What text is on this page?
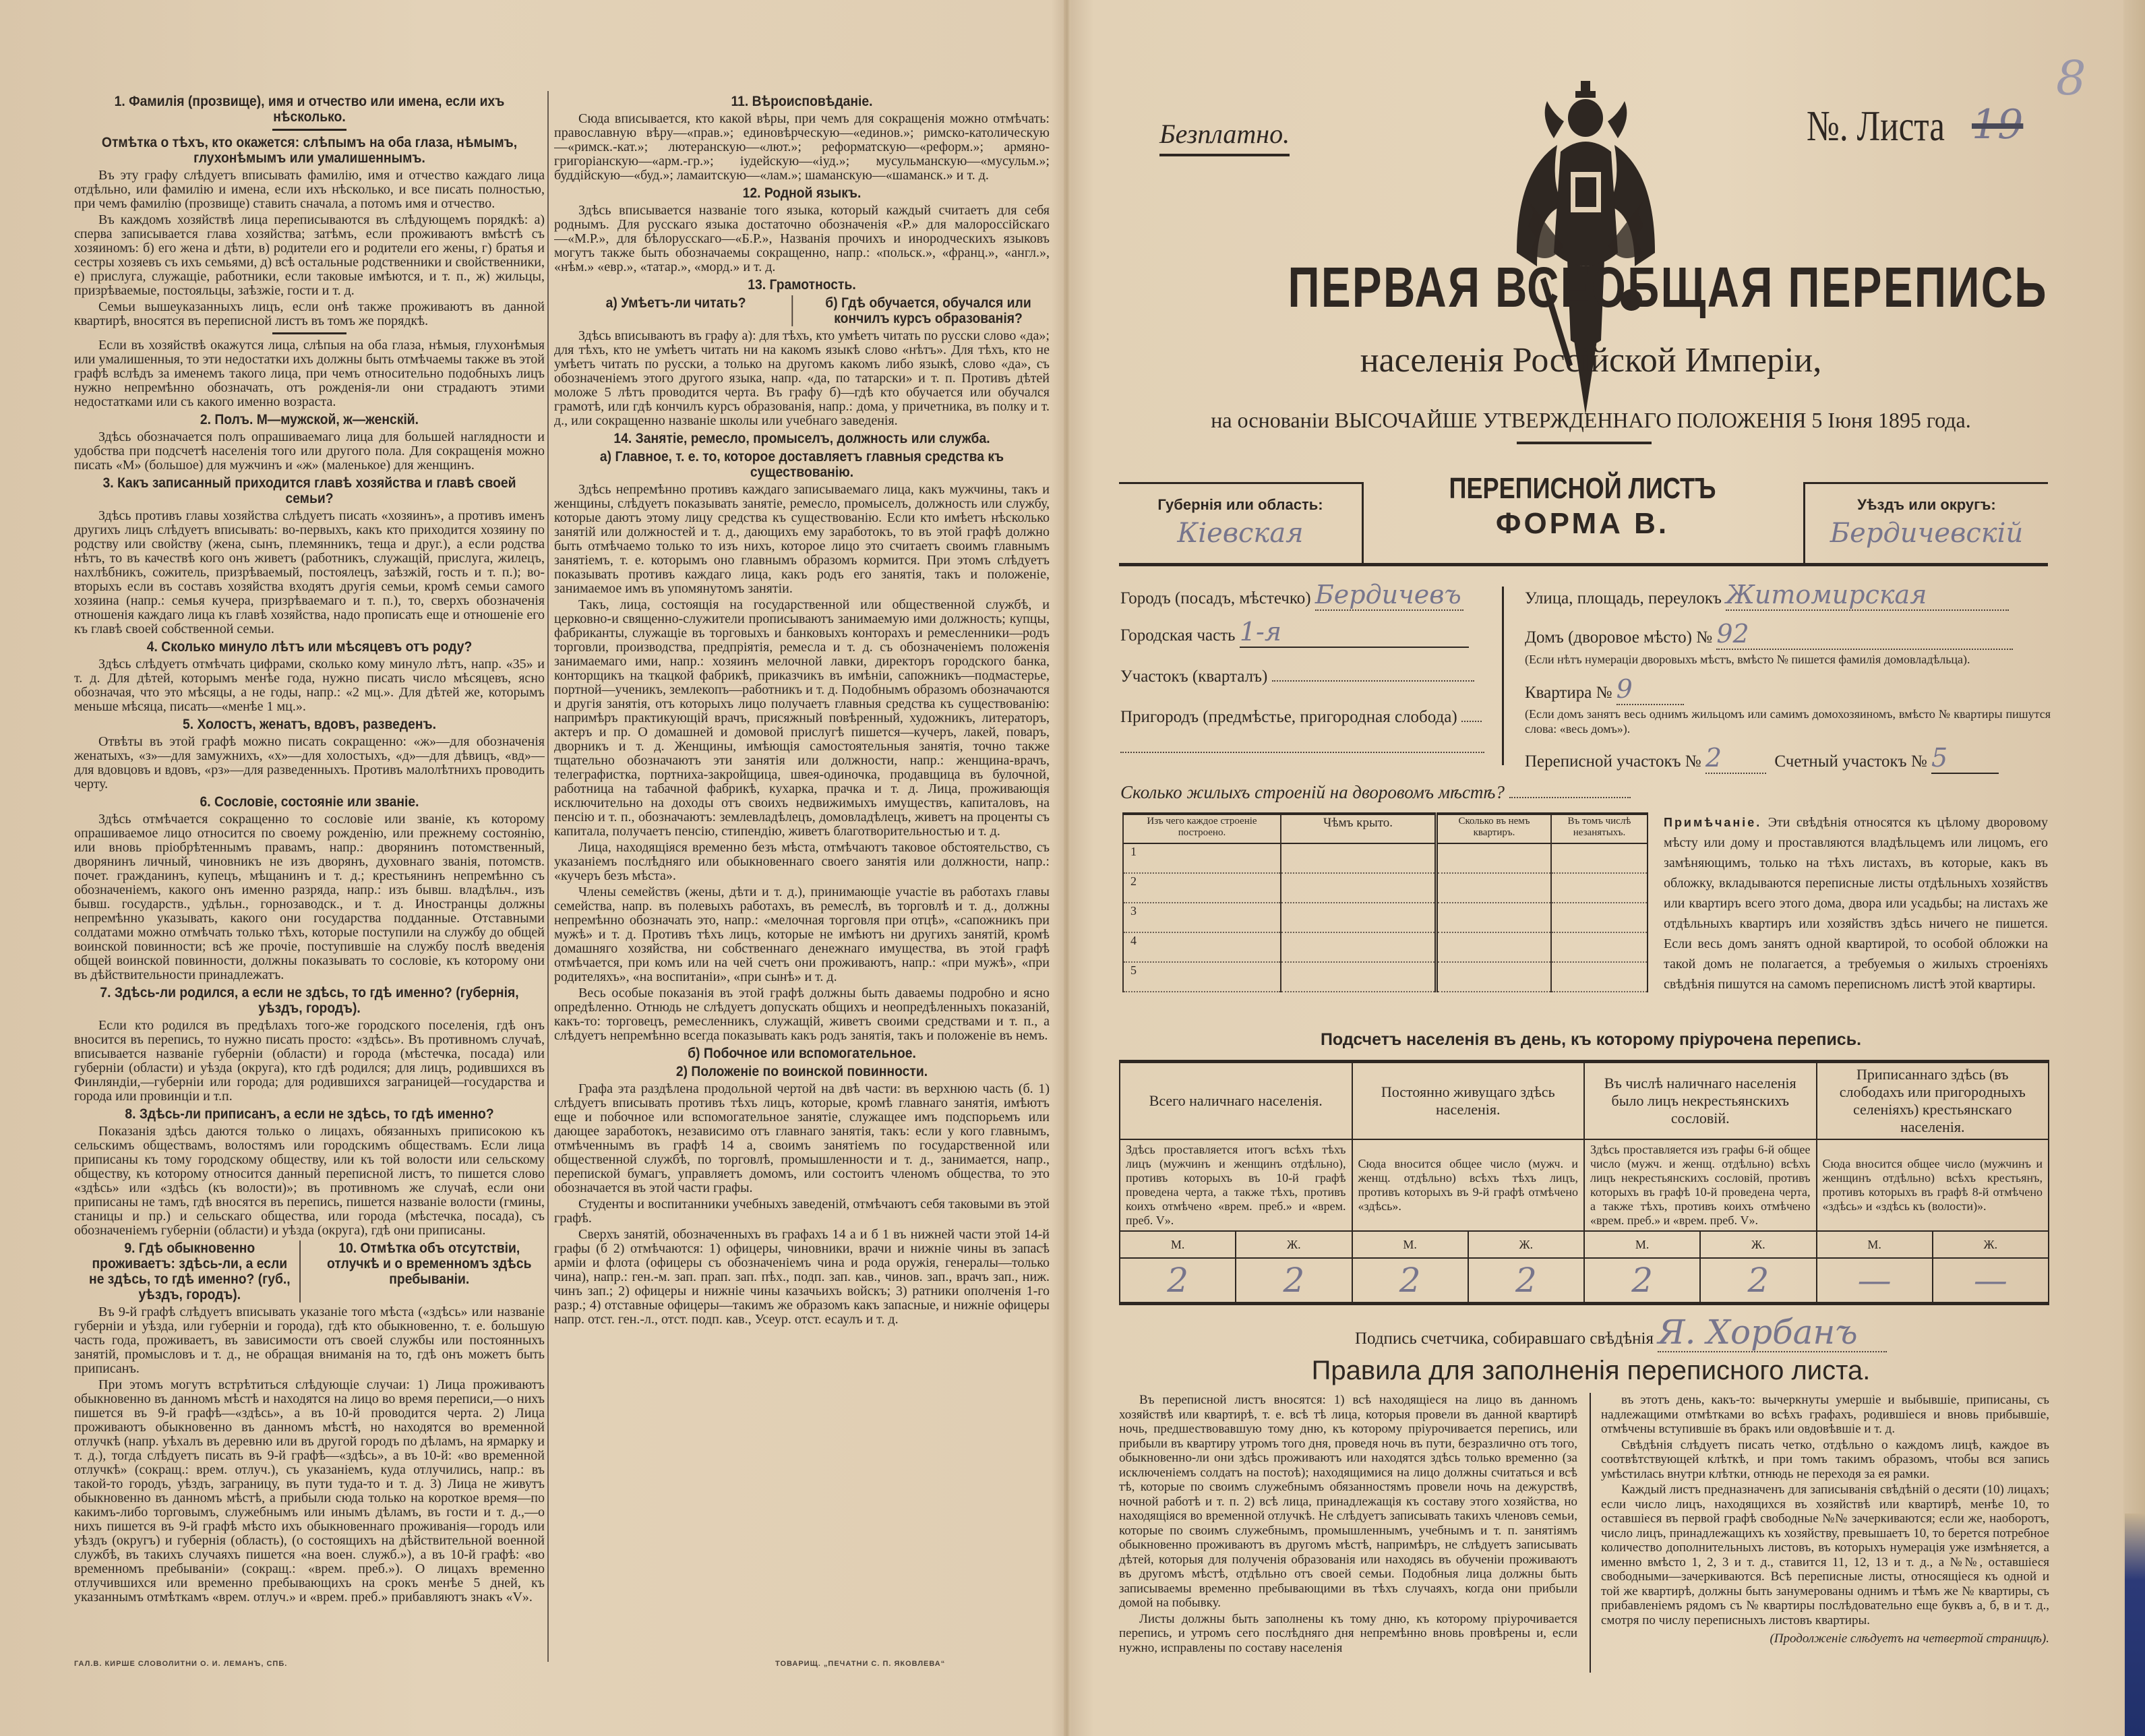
1. Фамилія (прозвище), имя и отчество или имена, если ихъ нѣсколько.
Отмѣтка о тѣхъ, кто окажется: слѣпымъ на оба глаза, нѣмымъ, глухонѣмымъ или умалишеннымъ.

Въ эту графу слѣдуетъ вписывать фамилію, имя и отчество каждаго лица отдѣльно, или фамилію и имена, если ихъ нѣсколько, и все писать полностью, при чемъ фамилію (прозвище) ставить сначала, а потомъ имя и отчество.

Въ каждомъ хозяйствѣ лица переписываются въ слѣдующемъ порядкѣ: а) сперва записывается глава хозяйства; затѣмъ, если проживаютъ вмѣстѣ съ хозяиномъ: б) его жена и дѣти, в) родители его и родители его жены, г) братья и сестры хозяевъ съ ихъ семьями, д) всѣ остальные родственники и свойственники, е) прислуга, служащіе, работники, если таковые имѣются, и т. п., ж) жильцы, призрѣваемые, постояльцы, заѣзжіе, гости и т. д.

Семьи вышеуказанныхъ лицъ, если онѣ также проживаютъ въ данной квартирѣ, вносятся въ переписной листъ въ томъ же порядкѣ.

Если въ хозяйствѣ окажутся лица, слѣпыя на оба глаза, нѣмыя, глухонѣмыя или умалишенныя, то эти недостатки ихъ должны быть отмѣчаемы также въ этой графѣ вслѣдъ за именемъ такого лица, при чемъ относительно подобныхъ лицъ нужно непремѣнно обозначать, отъ рожденія-ли они страдаютъ этими недостатками или съ какого именно возраста.

2. Полъ. М—мужской, ж—женскій.

Здѣсь обозначается полъ опрашиваемаго лица для большей наглядности и удобства при подсчетѣ населенія того или другого пола. Для сокращенія можно писать «М» (большое) для мужчинъ и «ж» (маленькое) для женщинъ.

3. Какъ записанный приходится главѣ хозяйства и главѣ своей семьи?

Здѣсь противъ главы хозяйства слѣдуетъ писать «хозяинъ», а противъ именъ другихъ лицъ слѣдуетъ вписывать: во-первыхъ, какъ кто приходится хозяину по родству или свойству (жена, сынъ, племянникъ, теща и друг.), а если родства нѣтъ, то въ качествѣ кого онъ живетъ (работникъ, служащій, прислуга, жилецъ, нахлѣбникъ, сожитель, призрѣваемый, постоялецъ, заѣзжій, гость и т. п.); во-вторыхъ если въ составъ хозяйства входятъ другія семьи, кромѣ семьи самого хозяина (напр.: семья кучера, призрѣваемаго и т. п.), то, сверхъ обозначенія отношенія каждаго лица къ главѣ хозяйства, надо прописать еще и отношеніе его къ главѣ своей собственной семьи.

4. Сколько минуло лѣтъ или мѣсяцевъ отъ роду?

Здѣсь слѣдуетъ отмѣчать цифрами, сколько кому минуло лѣтъ, напр. «35» и т. д. Для дѣтей, которымъ менѣе года, нужно писать число мѣсяцевъ, ясно обозначая, что это мѣсяцы, а не годы, напр.: «2 мц.». Для дѣтей же, которымъ меньше мѣсяца, писать—«менѣе 1 мц.».

5. Холостъ, женатъ, вдовъ, разведенъ.

Отвѣты въ этой графѣ можно писать сокращенно: «ж»—для обозначенія женатыхъ, «з»—для замужнихъ, «х»—для холостыхъ, «д»—для дѣвицъ, «вд»—для вдовцовъ и вдовъ, «рз»—для разведенныхъ. Противъ малолѣтнихъ проводить черту.

6. Сословіе, состояніе или званіе.

Здѣсь отмѣчается сокращенно то сословіе или званіе, къ которому опрашиваемое лицо относится по своему рожденію, или прежнему состоянію, или вновь пріобрѣтеннымъ правамъ, напр.: дворянинъ потомственный, дворянинъ личный, чиновникъ не изъ дворянъ, духовнаго званія, потомств. почет. гражданинъ, купецъ, мѣщанинъ и т. д.; крестьянинъ непремѣнно съ обозначеніемъ, какого онъ именно разряда, напр.: изъ бывш. владѣльч., изъ бывш. государств., удѣльн., горнозаводск., и т. д. Иностранцы должны непремѣнно указывать, какого они государства подданные. Отставными солдатами можно отмѣчать только тѣхъ, которые поступили на службу до общей воинской повинности; всѣ же прочіе, поступившіе на службу послѣ введенія общей воинской повинности, должны показывать то сословіе, къ которому они въ дѣйствительности принадлежатъ.

7. Здѣсь-ли родился, а если не здѣсь, то гдѣ именно? (губернія, уѣздъ, городъ).

Если кто родился въ предѣлахъ того-же городского поселенія, гдѣ онъ вносится въ перепись, то нужно писать просто: «здѣсь». Въ противномъ случаѣ, вписывается названіе губерніи (области) и города (мѣстечка, посада) или губерніи (области) и уѣзда (округа), кто гдѣ родился; для лицъ, родившихся въ Финляндіи,—губерніи или города; для родившихся заграницей—государства и города или провинціи и т.п.

8. Здѣсь-ли приписанъ, а если не здѣсь, то гдѣ именно?

Показанія здѣсь даются только о лицахъ, обязанныхъ приписокою къ сельскимъ обществамъ, волостямъ или городскимъ обществамъ. Если лица приписаны къ тому городскому обществу, или къ той волости или сельскому обществу, къ которому относится данный переписной листъ, то пишется слово «здѣсь» или «здѣсь (къ волости)»; въ противномъ же случаѣ, если они приписаны не тамъ, гдѣ вносятся въ перепись, пишется названіе волости (гмины, станицы и пр.) и сельскаго общества, или города (мѣстечка, посада), съ обозначеніемъ губерніи (области) и уѣзда (округа), гдѣ они приписаны.

9. Гдѣ обыкновенно проживаетъ: здѣсь-ли, а если не здѣсь, то гдѣ именно? (губ., уѣздъ, городъ).
10. Отмѣтка объ отсутствіи, отлучкѣ и о временномъ здѣсь пребываніи.

Въ 9-й графѣ слѣдуетъ вписывать указаніе того мѣста («здѣсь» или названіе губерніи и уѣзда, или губерніи и города), гдѣ кто обыкновенно, т. е. большую часть года, проживаетъ, въ зависимости отъ своей службы или постоянныхъ занятій, промысловъ и т. д., не обращая вниманія на то, гдѣ онъ можетъ быть приписанъ.

При этомъ могутъ встрѣтиться слѣдующіе случаи: 1) Лица проживаютъ обыкновенно въ данномъ мѣстѣ и находятся на лицо во время переписи,—о нихъ пишется въ 9-й графѣ—«здѣсь», а въ 10-й проводится черта. 2) Лица проживаютъ обыкновенно въ данномъ мѣстѣ, но находятся во временной отлучкѣ (напр. уѣхалъ въ деревню или въ другой городъ по дѣламъ, на ярмарку и т. д.), тогда слѣдуетъ писать въ 9-й графѣ—«здѣсь», а въ 10-й: «во временной отлучкѣ» (сокращ.: врем. отлуч.), съ указаніемъ, куда отлучились, напр.: въ такой-то городъ, уѣздъ, заграницу, въ пути туда-то и т. д. 3) Лица не живутъ обыкновенно въ данномъ мѣстѣ, а прибыли сюда только на короткое время—по какимъ-либо торговымъ, служебнымъ или инымъ дѣламъ, въ гости и т. д.,—о нихъ пишется въ 9-й графѣ мѣсто ихъ обыкновеннаго проживанія—городъ или уѣздъ (округъ) и губернія (область), (о состоящихъ на дѣйствительной военной службѣ, въ такихъ случаяхъ пишется «на воен. служб.»), а въ 10-й графѣ: «во временномъ пребываніи» (сокращ.: «врем. преб.»). О лицахъ временно отлучившихся или временно пребывающихъ на срокъ менѣе 5 дней, къ указаннымъ отмѣткамъ «врем. отлуч.» и «врем. преб.» прибавляютъ знакъ «V».

11. Вѣроисповѣданіе.

Сюда вписывается, кто какой вѣры, при чемъ для сокращенія можно отмѣчать: православную вѣру—«прав.»; единовѣрческую—«единов.»; римско-католическую—«римск.-кат.»; лютеранскую—«лют.»; реформатскую—«реформ.»; армяно-григоріанскую—«арм.-гр.»; іудейскую—«іуд.»; мусульманскую—«мусульм.»; буддійскую—«буд.»; ламаитскую—«лам.»; шаманскую—«шаманск.» и т. д.

12. Родной языкъ.

Здѣсь вписывается названіе того языка, который каждый считаетъ для себя роднымъ. Для русскаго языка достаточно обозначенія «Р.» для малороссійскаго—«М.Р.», для бѣлорусскаго—«Б.Р.», Названія прочихъ и инородческихъ языковъ могутъ также быть обозначаемы сокращенно, напр.: «польск.», «франц.», «англ.», «нѣм.» «евр.», «татар.», «морд.» и т. д.

13. Грамотность.
а) Умѣетъ-ли читать?	б) Гдѣ обучается, обучался или кончилъ курсъ образованія?

Здѣсь вписываютъ въ графу а): для тѣхъ, кто умѣетъ читать по русски слово «да»; для тѣхъ, кто не умѣетъ читать ни на какомъ языкѣ слово «нѣтъ». Для тѣхъ, кто не умѣетъ читать по русски, а только на другомъ какомъ либо языкѣ, слово «да», съ обозначеніемъ этого другого языка, напр. «да, по татарски» и т. п. Противъ дѣтей моложе 5 лѣтъ проводится черта. Въ графу б)—гдѣ кто обучается или обучался грамотѣ, или гдѣ кончилъ курсъ образованія, напр.: дома, у причетника, въ полку и т. д., или сокращенно названіе школы или учебнаго заведенія.

14. Занятіе, ремесло, промыселъ, должность или служба.
а) Главное, т. е. то, которое доставляетъ главныя средства къ существованію.

Здѣсь непремѣнно противъ каждаго записываемаго лица, какъ мужчины, такъ и женщины, слѣдуетъ показывать занятіе, ремесло, промыселъ, должность или службу, которые даютъ этому лицу средства къ существованію. Если кто имѣетъ нѣсколько занятій или должностей и т. д., дающихъ ему заработокъ, то въ этой графѣ должно быть отмѣчаемо только то изъ нихъ, которое лицо это считаетъ своимъ главнымъ занятіемъ, т. е. которымъ оно главнымъ образомъ кормится. При этомъ слѣдуетъ показывать противъ каждаго лица, какъ родъ его занятія, такъ и положеніе, занимаемое имъ въ упомянутомъ занятіи.

Такъ, лица, состоящія на государственной или общественной службѣ, и церковно-и священно-служители прописываютъ занимаемую ими должность; купцы, фабриканты, служащіе въ торговыхъ и банковыхъ конторахъ и ремесленники—родъ торговли, производства, предпріятія, ремесла и т. д. съ обозначеніемъ положенія занимаемаго ими, напр.: хозяинъ мелочной лавки, директоръ городского банка, конторщикъ на ткацкой фабрикѣ, приказчикъ въ имѣніи, сапожникъ—подмастерье, портной—ученикъ, землекопъ—работникъ и т. д. Подобнымъ образомъ обозначаются и другія занятія, отъ которыхъ лицо получаетъ главныя средства къ существованію: напримѣръ практикующій врачъ, присяжный повѣренный, художникъ, литераторъ, актеръ и пр. О домашней и домовой прислугѣ пишется—кучеръ, лакей, поваръ, дворникъ и т. д. Женщины, имѣющія самостоятельныя занятія, точно также тщательно обозначаютъ эти занятія или должности, напр.: женщина-врачъ, телеграфистка, портниха-закройщица, швея-одиночка, продавщица въ булочной, работница на табачной фабрикѣ, кухарка, прачка и т. д. Лица, проживающія исключительно на доходы отъ своихъ недвижимыхъ имуществъ, капиталовъ, на пенсію и т. п., обозначаютъ: землевладѣлецъ, домовладѣлецъ, живетъ на проценты съ капитала, получаетъ пенсію, стипендію, живетъ благотворительностью и т. д.

Лица, находящіяся временно безъ мѣста, отмѣчаютъ таковое обстоятельство, съ указаніемъ послѣдняго или обыкновеннаго своего занятія или должности, напр.: «кучеръ безъ мѣста».

Члены семействъ (жены, дѣти и т. д.), принимающіе участіе въ работахъ главы семейства, напр. въ полевыхъ работахъ, въ ремеслѣ, въ торговлѣ и т. д., должны непремѣнно обозначать это, напр.: «мелочная торговля при отцѣ», «сапожникъ при мужѣ» и т. д. Противъ тѣхъ лицъ, которые не имѣютъ ни другихъ занятій, кромѣ домашняго хозяйства, ни собственнаго денежнаго имущества, въ этой графѣ отмѣчается, при комъ или на чей счетъ они проживаютъ, напр.: «при мужѣ», «при родителяхъ», «на воспитаніи», «при сынѣ» и т. д.

Весь особые показанія въ этой графѣ должны быть даваемы подробно и ясно опредѣленно. Отнюдь не слѣдуетъ допускать общихъ и неопредѣленныхъ показаній, какъ-то: торговецъ, ремесленникъ, служащій, живетъ своими средствами и т. п., а слѣдуетъ непремѣнно всегда показывать какъ родъ занятія, такъ и положеніе въ немъ.

б) Побочное или вспомогательное.
2) Положеніе по воинской повинности.

Графа эта раздѣлена продольной чертой на двѣ части: въ верхнюю часть (б. 1) слѣдуетъ вписывать противъ тѣхъ лицъ, которые, кромѣ главнаго занятія, имѣютъ еще и побочное или вспомогательное занятіе, служащее имъ подспорьемъ или дающее заработокъ, независимо отъ главнаго занятія, такъ: если у кого главнымъ, отмѣченнымъ въ графѣ 14 а, своимъ занятіемъ по государственной или общественной службѣ, по торговлѣ, промышленности и т. д., занимается, напр., перепиской бумагъ, управляетъ домомъ, или состоитъ членомъ общества, то это обозначается въ этой части графы.

Студенты и воспитанники учебныхъ заведеній, отмѣчаютъ себя таковыми въ этой графѣ.

Сверхъ занятій, обозначенныхъ въ графахъ 14 а и б 1 въ нижней части этой 14-й графы (б 2) отмѣчаются: 1) офицеры, чиновники, врачи и нижніе чины въ запасѣ арміи и флота (офицеры съ обозначеніемъ чина и рода оружія, генералы—только чина), напр.: ген.-м. зап. прап. зап. пѣх., подп. зап. кав., чинов. зап., врачъ зап., ниж. чинъ зап.; 2) офицеры и нижніе чины казачьихъ войскъ; 3) ратники ополченія 1-го разр.; 4) отставные офицеры—такимъ же образомъ какъ запасные, и нижніе офицеры напр. отст. ген.-л., отст. подп. кав., Усеур. отст. есаулъ и т. д.

ГАЛ.В. КИРШЕ СЛОВОЛИТНИ О. И. ЛЕМАНЪ, СПБ.	ТОВАРИЩ. „ПЕЧАТНИ С. П. ЯКОВЛЕВА“
Безплатно.	№. Листа 19
8
ПЕРВАЯ ВСЕОБЩАЯ ПЕРЕПИСЬ
населенія Россійской Имперіи,
на основаніи ВЫСОЧАЙШЕ УТВЕРЖДЕННАГО ПОЛОЖЕНІЯ 5 Іюня 1895 года.
Губернія или область:
Кіевская
ПЕРЕПИСНОЙ ЛИСТЪ
ФОРМА В.
Уѣздъ или округъ:
Бердичевскій
Городъ (посадъ, мѣстечко) Бердичевъ
Городская часть 1-я
Участокъ (кварталъ)
Пригородъ (предмѣстье, пригородная слобода)
Улица, площадь, переулокъ Житомирская
Домъ (дворовое мѣсто) № 92
(Если нѣтъ нумераціи дворовыхъ мѣстъ, вмѣсто № пишется фамилія домовладѣльца).
Квартира № 9
(Если домъ занятъ весь однимъ жильцомъ или самимъ домохозяиномъ, вмѣсто № квартиры пишутся слова: «весь домъ»).
Переписной участокъ № 2	Счетный участокъ № 5
Сколько жилыхъ строеній на дворовомъ мѣстѣ?
Изъ чего каждое строеніе построено.	Чѣмъ крыто.	Сколько въ немъ квартиръ.	Въ томъ числѣ незанятыхъ.
1			
2			
3			
4			
5			
Примѣчаніе. Эти свѣдѣнія относятся къ цѣлому дворовому мѣсту или дому и проставляются владѣльцемъ или лицомъ, его замѣняющимъ, только на тѣхъ листахъ, въ которые, какъ въ обложку, вкладываются переписные листы отдѣльныхъ хозяйствъ или квартиръ всего этого дома, двора или усадьбы; на листахъ же отдѣльныхъ квартиръ или хозяйствъ здѣсь ничего не пишется. Если весь домъ занятъ одной квартирой, то особой обложки на такой домъ не полагается, а требуемыя о жилыхъ строеніяхъ свѣдѣнія пишутся на самомъ переписномъ листѣ этой квартиры.
Подсчетъ населенія въ день, къ которому пріурочена перепись.
Всего наличнаго населенія.		Постоянно живущаго здѣсь населенія.		Въ числѣ наличнаго населенія было лицъ некрестьянскихъ сословій.		Приписаннаго здѣсь (въ слободахъ или пригородныхъ селеніяхъ) крестьянскаго населенія.	
Здѣсь проставляется итогъ всѣхъ тѣхъ лицъ (мужчинъ и женщинъ отдѣльно), противъ которыхъ въ 10-й графѣ проведена черта, а также тѣхъ, противъ коихъ отмѣчено «врем. преб.» и «врем. преб. V».		Сюда вносится общее число (мужч. и женщ. отдѣльно) всѣхъ тѣхъ лицъ, противъ которыхъ въ 9-й графѣ отмѣчено «здѣсь».		Здѣсь проставляется изъ графы 6-й общее число (мужч. и женщ. отдѣльно) всѣхъ лицъ некрестьянскихъ сословій, противъ которыхъ въ графѣ 10-й проведена черта, а также тѣхъ, противъ коихъ отмѣчено «врем. преб.» и «врем. преб. V».		Сюда вносится общее число (мужчинъ и женщинъ отдѣльно) всѣхъ крестьянъ, противъ которыхъ въ графѣ 8-й отмѣчено «здѣсь» и «здѣсь къ (волости)».	
М.	Ж.	М.	Ж.	М.	Ж.	М.	Ж.
2	2	2	2	2	2	—	—
Подпись счетчика, собиравшаго свѣдѣнія Я. Хорбанъ
Правила для заполненія переписного листа.

Въ переписной листъ вносятся: 1) всѣ находящіеся на лицо въ данномъ хозяйствѣ или квартирѣ, т. е. всѣ тѣ лица, которыя провели въ данной квартирѣ ночь, предшествовавшую тому дню, къ которому пріурочивается перепись, или прибыли въ квартиру утромъ того дня, проведя ночь въ пути, безразлично отъ того, обыкновенно-ли они здѣсь проживаютъ или находятся здѣсь только временно (за исключеніемъ солдатъ на постоѣ); находящимися на лицо должны считаться и всѣ тѣ, которые по своимъ служебнымъ обязанностямъ провели ночь на дежурствѣ, ночной работѣ и т. п. 2) всѣ лица, принадлежащія къ составу этого хозяйства, но находящіяся во временной отлучкѣ. Не слѣдуетъ записывать такихъ членовъ семьи, которые по своимъ служебнымъ, промышленнымъ, учебнымъ и т. п. занятіямъ обыкновенно проживаютъ въ другомъ мѣстѣ, напримѣръ, не слѣдуетъ записывать дѣтей, которыя для полученія образованія или находясь въ обученіи проживаютъ въ другомъ мѣстѣ, отдѣльно отъ своей семьи. Подобныя лица должны быть записываемы временно пребывающими въ тѣхъ случаяхъ, когда они прибыли домой на побывку.

Листы должны быть заполнены къ тому дню, къ которому пріурочивается перепись, и утромъ сего послѣдняго дня непремѣнно вновь провѣрены и, если нужно, исправлены по составу населенія

въ этотъ день, какъ-то: вычеркнуты умершіе и выбывшіе, приписаны, съ надлежащими отмѣтками во всѣхъ графахъ, родившіеся и вновь прибывшіе, отмѣчены вступившіе въ бракъ или овдовѣвшіе и т. д.

Свѣдѣнія слѣдуетъ писать четко, отдѣльно о каждомъ лицѣ, каждое въ соотвѣтствующей клѣткѣ, и при томъ такимъ образомъ, чтобы вся запись умѣстилась внутри клѣтки, отнюдь не переходя за ея рамки.

Каждый листъ предназначенъ для записыванія свѣдѣній о десяти (10) лицахъ; если число лицъ, находящихся въ хозяйствѣ или квартирѣ, менѣе 10, то оставшіеся въ первой графѣ свободные №№ зачеркиваются; если же, наоборотъ, число лицъ, принадлежащихъ къ хозяйству, превышаетъ 10, то берется потребное количество дополнительныхъ листовъ, въ которыхъ нумерація уже измѣняется, а именно вмѣсто 1, 2, 3 и т. д., ставится 11, 12, 13 и т. д., а №№, оставшіеся свободными—зачеркиваются. Всѣ переписные листы, относящіеся къ одной и той же квартирѣ, должны быть занумерованы однимъ и тѣмъ же № квартиры, съ прибавленіемъ рядомъ съ № квартиры послѣдовательно еще буквъ а, б, в и т. д., смотря по числу переписныхъ листовъ квартиры.

(Продолженіе слѣдуетъ на четвертой страницѣ).
